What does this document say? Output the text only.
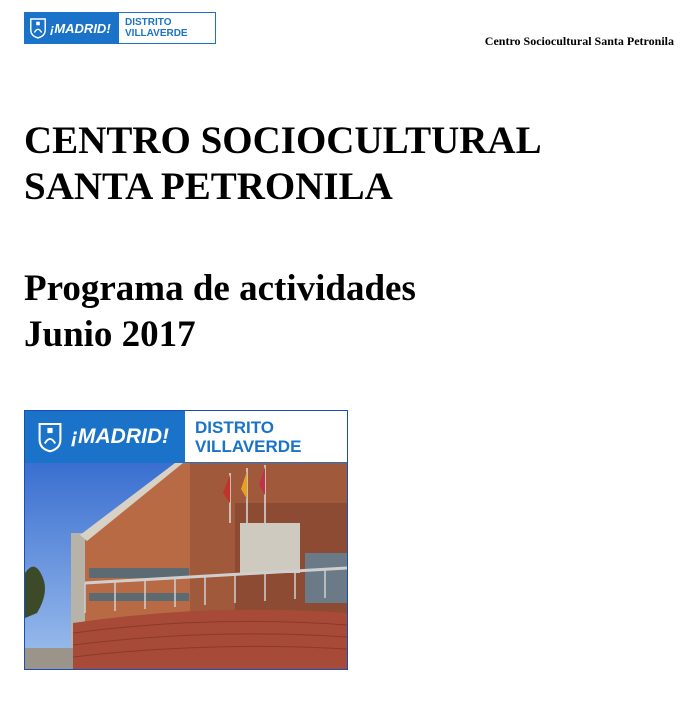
¡MADRID! DISTRITO
VILLAVERDE
Centro Sociocultural Santa Petronila
CENTRO SOCIOCULTURAL
SANTA PETRONILA
Programa de actividades
Junio 2017
¡MADRID! DISTRITO
VILLAVERDE
